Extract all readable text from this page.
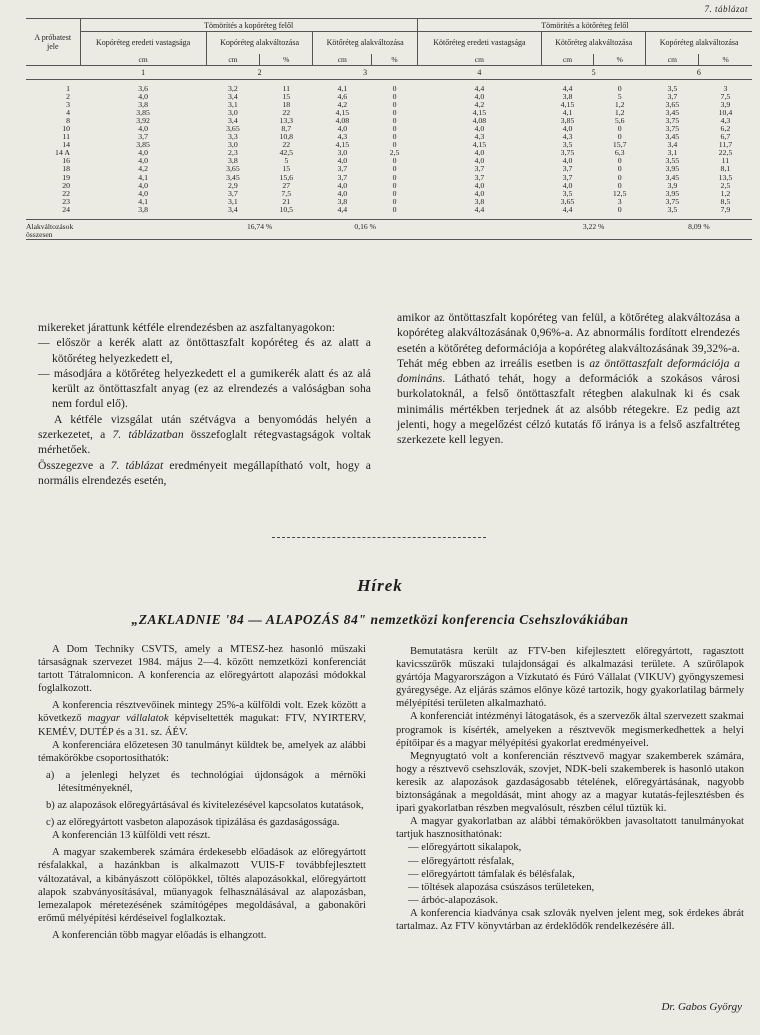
7. táblázat
A próbatest jele	Tömörítés a kopóréteg felől					Tömörítés a kötőréteg felől				
	Kopóréteg eredeti vastagsága	Kopóréteg alakváltozása		Kötőréteg alakváltozása		Kötőréteg eredeti vastagsága	Kötőréteg alakváltozása		Kopóréteg alakváltozása	
	cm	cm	%	cm	%	cm	cm	%	cm	%
	1	2		3		4	5		6	

1	3,6	3,2	11	4,1	0	4,4	4,4	0	3,5	3
2	4,0	3,4	15	4,6	0	4,0	3,8	5	3,7	7,5
3	3,8	3,1	18	4,2	0	4,2	4,15	1,2	3,65	3,9
4	3,85	3,0	22	4,15	0	4,15	4,1	1,2	3,45	10,4
8	3,92	3,4	13,3	4,08	0	4,08	3,85	5,6	3,75	4,3
10	4,0	3,65	8,7	4,0	0	4,0	4,0	0	3,75	6,2
11	3,7	3,3	10,8	4,3	0	4,3	4,3	0	3,45	6,7
14	3,85	3,0	22	4,15	0	4,15	3,5	15,7	3,4	11,7
14 A	4,0	2,3	42,5	3,0	2,5	4,0	3,75	6,3	3,1	22,5
16	4,0	3,8	5	4,0	0	4,0	4,0	0	3,55	11
18	4,2	3,65	15	3,7	0	3,7	3,7	0	3,95	8,1
19	4,1	3,45	15,6	3,7	0	3,7	3,7	0	3,45	13,5
20	4,0	2,9	27	4,0	0	4,0	4,0	0	3,9	2,5
22	4,0	3,7	7,5	4,0	0	4,0	3,5	12,5	3,95	1,2
23	4,1	3,1	21	3,8	0	3,8	3,65	3	3,75	8,5
24	3,8	3,4	10,5	4,4	0	4,4	4,4	0	3,5	7,9

Alakváltozások összesen		16,74 %		0,16 %			3,22 %		8,09 %	

mikereket járattunk kétféle elrendezésben az aszfaltanyagokon:

— először a kerék alatt az öntöttaszfalt kopóréteg és az alatt a kötőréteg helyezkedett el,

— másodjára a kötőréteg helyezkedett el a gumikerék alatt és az alá került az öntöttaszfalt anyag (ez az elrendezés a valóságban soha nem fordul elő).

A kétféle vizsgálat után szétvágva a benyomódás helyén a szerkezetet, a 7. táblázatban összefoglalt rétegvastagságok voltak mérhetőek.

Összegezve a 7. táblázat eredményeit megállapítható volt, hogy a normális elrendezés esetén,

amikor az öntöttaszfalt kopóréteg van felül, a kötőréteg alakváltozása a kopóréteg alakváltozásának 0,96%-a. Az abnormális fordított elrendezés esetén a kötőréteg deformációja a kopóréteg alakváltozásának 39,32%-a. Tehát még ebben az irreális esetben is az öntöttaszfalt deformációja a domináns. Látható tehát, hogy a deformációk a szokásos városi burkolatoknál, a felső öntöttaszfalt rétegben alakulnak ki és csak minimális mértékben terjednek át az alsóbb rétegekre. Ez pedig azt jelenti, hogy a megelőzést célzó kutatás fő iránya is a felső aszfaltréteg szerkezete kell legyen.

Hírek
„ZAKLADNIE '84 — ALAPOZÁS 84" nemzetközi konferencia Csehszlovákiában

A Dom Techniky CSVTS, amely a MTESZ-hez hasonló műszaki társaságnak szervezet 1984. május 2—4. között nemzetközi konferenciát tartott Tátralomnicon. A konferencia az előregyártott alapozási módokkal foglalkozott.

A konferencia résztvevőinek mintegy 25%-a külföldi volt. Ezek között a következő magyar vállalatok képviseltették magukat: FTV, NYIRTERV, KEMÉV, DUTÉP és a 31. sz. ÁÉV.

A konferenciára előzetesen 30 tanulmányt küldtek be, amelyek az alábbi témakörökbe csoportosíthatók:

a) a jelenlegi helyzet és technológiai újdonságok a mérnöki létesítményeknél,

b) az alapozások előregyártásával és kivitelezésével kapcsolatos kutatások,

c) az előregyártott vasbeton alapozások tipizálása és gazdaságossága.

A konferencián 13 külföldi vett részt.

A magyar szakemberek számára érdekesebb előadások az előregyártott résfalakkal, a hazánkban is alkalmazott VUIS-F továbbfejlesztett változatával, a kibányászott cölöpökkel, töltés alapozásokkal, előregyártott alapok szabványosításával, műanyagok felhasználásával az alapozásban, lemezalapok méretezésének számítógépes megoldásával, a gabonaköri erőmű mélyépítési kérdéseivel foglalkoztak.

A konferencián több magyar előadás is elhangzott.

Bemutatásra került az FTV-ben kifejlesztett előregyártott, ragasztott kavicsszűrők műszaki tulajdonságai és alkalmazási területe. A szűrőlapok gyártója Magyarországon a Vízkutató és Fúró Vállalat (VIKUV) gyöngyszemesi gyáregysége. Az eljárás számos előnye közé tartozik, hogy gyakorlatilag bármely mélyépítési területen alkalmazható.

A konferenciát intézményi látogatások, és a szervezők által szervezett szakmai programok is kísérték, amelyeken a résztvevők megismerkedhettek a helyi építőipar és a magyar mélyépítési gyakorlat eredményeivel.

Megnyugtató volt a konferencián résztvevő magyar szakemberek számára, hogy a résztvevő csehszlovák, szovjet, NDK-beli szakemberek is hasonló utakon keresik az alapozások gazdaságosabb tételének, előregyártásának, nagyobb biztonságának a megoldását, mint ahogy az a magyar kutatás-fejlesztésben és ipari gyakorlatban részben megvalósult, részben célul tűztük ki.

A magyar gyakorlatban az alábbi témakörökben javasoltatott tanulmányokat tartjuk hasznosíthatónak:

— előregyártott sikalapok,

— előregyártott résfalak,

— előregyártott támfalak és bélésfalak,

— töltések alapozása csúszásos területeken,

— árbóc-alapozások.

A konferencia kiadványa csak szlovák nyelven jelent meg, sok érdekes ábrát tartalmaz. Az FTV könyvtárban az érdeklődők rendelkezésére áll.

Dr. Gabos György
